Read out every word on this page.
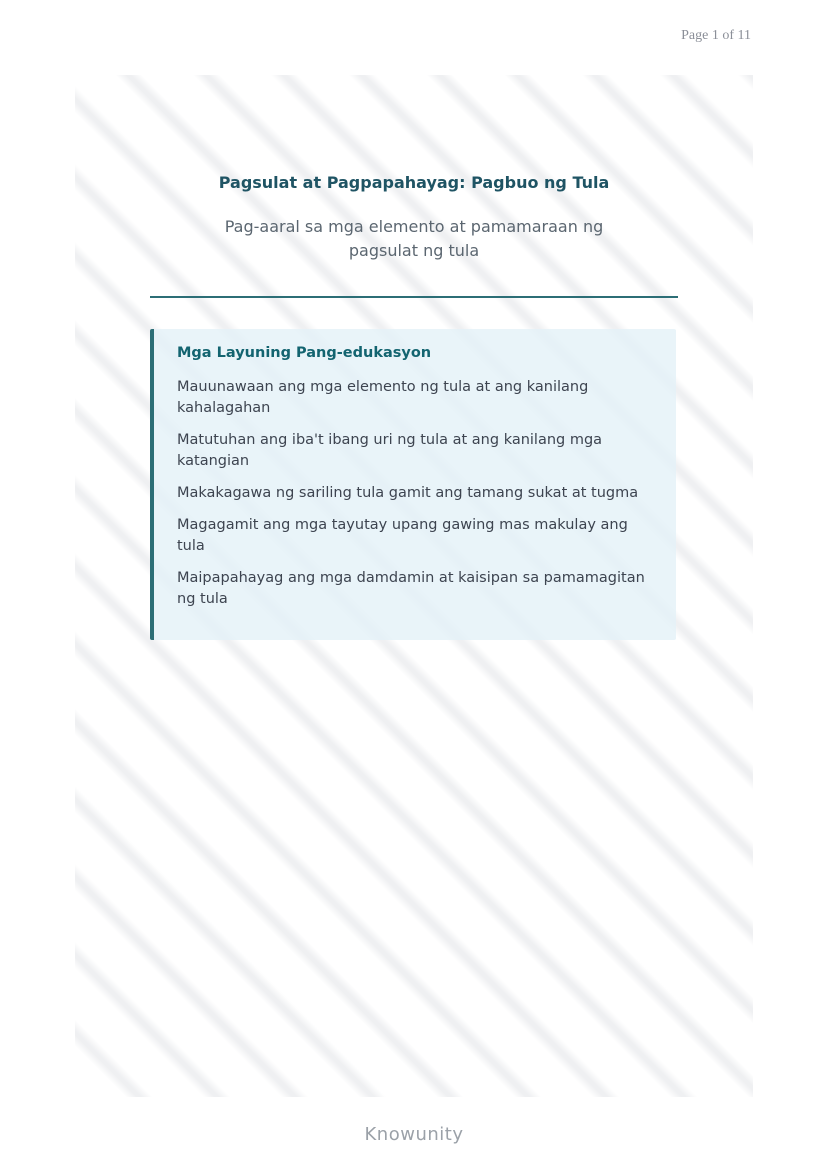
Page 1 of 11
Pagsulat at Pagpapahayag: Pagbuo ng Tula

Pag-aaral sa mga elemento at pamamaraan ng pagsulat ng tula

Mga Layuning Pang-edukasyon

Mauunawaan ang mga elemento ng tula at ang kanilang kahalagahan

Matutuhan ang iba't ibang uri ng tula at ang kanilang mga katangian

Makakagawa ng sariling tula gamit ang tamang sukat at tugma

Magagamit ang mga tayutay upang gawing mas makulay ang tula

Maipapahayag ang mga damdamin at kaisipan sa pamamagitan ng tula

Knowunity
